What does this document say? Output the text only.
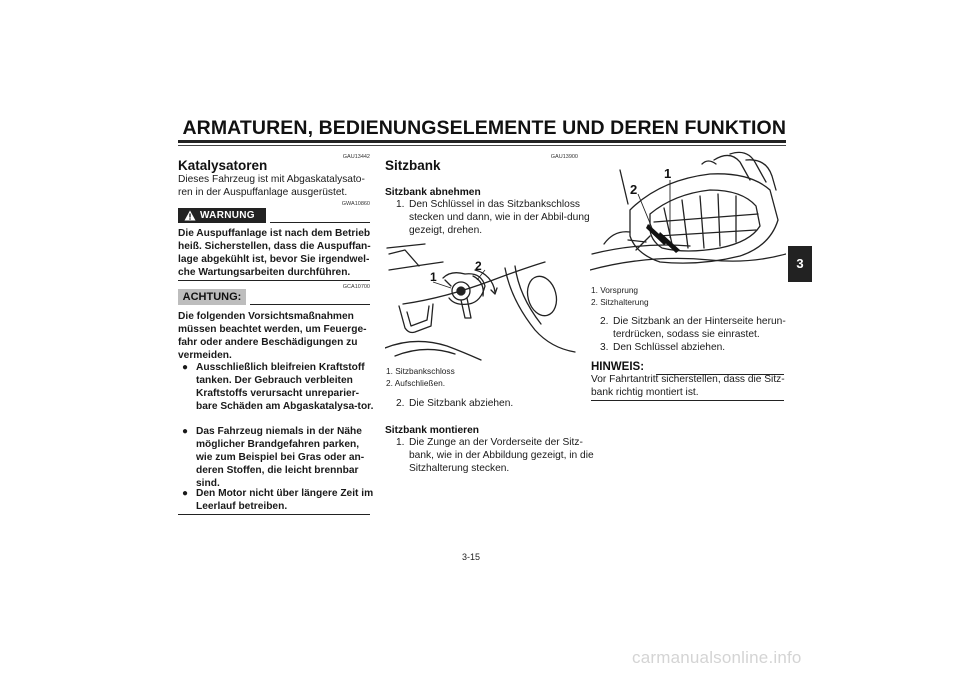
ARMATUREN, BEDIENUNGSELEMENTE UND DEREN FUNKTION
3
GAU13442
Katalysatoren
Dieses Fahrzeug ist mit Abgaskatalysato-ren in der Auspuffanlage ausgerüstet.
GWA10860
WARNUNG
Die Auspuffanlage ist nach dem Betrieb heiß. Sicherstellen, dass die Auspuffan-lage abgekühlt ist, bevor Sie irgendwel-che Wartungsarbeiten durchführen.
GCA10700
ACHTUNG:
Die folgenden Vorsichtsmaßnahmen müssen beachtet werden, um Feuerge-fahr oder andere Beschädigungen zu vermeiden.
● Ausschließlich bleifreien Kraftstoff tanken. Der Gebrauch verbleiten Kraftstoffs verursacht unreparier-bare Schäden am Abgaskatalysa-tor.
● Das Fahrzeug niemals in der Nähe möglicher Brandgefahren parken, wie zum Beispiel bei Gras oder an-deren Stoffen, die leicht brennbar sind.
● Den Motor nicht über längere Zeit im Leerlauf betreiben.
GAU13900
Sitzbank
Sitzbank abnehmen
1. Den Schlüssel in das Sitzbankschloss stecken und dann, wie in der Abbil-dung gezeigt, drehen.
1
2
1. Sitzbankschloss
2. Aufschließen.
2. Die Sitzbank abziehen.
Sitzbank montieren
1. Die Zunge an der Vorderseite der Sitz-bank, wie in der Abbildung gezeigt, in die Sitzhalterung stecken.
2
1
1. Vorsprung
2. Sitzhalterung
2. Die Sitzbank an der Hinterseite herun-terdrücken, sodass sie einrastet.
3. Den Schlüssel abziehen.
HINWEIS:
Vor Fahrtantritt sicherstellen, dass die Sitz-bank richtig montiert ist.
3-15
carmanualsonline.info
